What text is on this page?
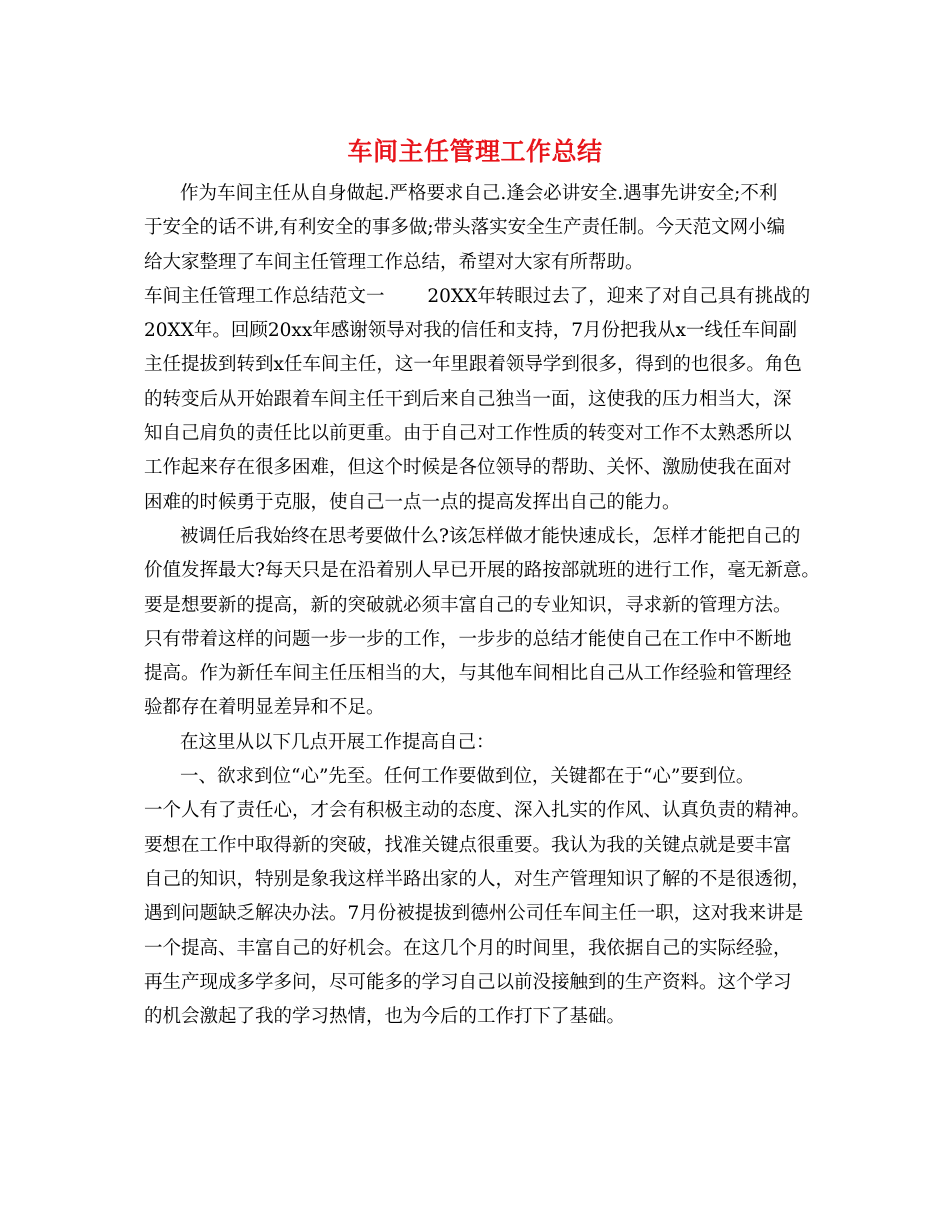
车间主任管理工作总结
作为车间主任从自身做起.严格要求自己.逢会必讲安全.遇事先讲安全;不利
于安全的话不讲,有利安全的事多做;带头落实安全生产责任制。今天范文网小编
给大家整理了车间主任管理工作总结，希望对大家有所帮助。
车间主任管理工作总结范文一　　 20XX年转眼过去了，迎来了对自己具有挑战的
20XX年。回顾20xx年感谢领导对我的信任和支持，7月份把我从x一线任车间副
主任提拔到转到x任车间主任，这一年里跟着领导学到很多，得到的也很多。角色
的转变后从开始跟着车间主任干到后来自己独当一面，这使我的压力相当大，深
知自己肩负的责任比以前更重。由于自己对工作性质的转变对工作不太熟悉所以
工作起来存在很多困难，但这个时候是各位领导的帮助、关怀、激励使我在面对
困难的时候勇于克服，使自己一点一点的提高发挥出自己的能力。
被调任后我始终在思考要做什么?该怎样做才能快速成长，怎样才能把自己的
价值发挥最大?每天只是在沿着别人早已开展的路按部就班的进行工作，毫无新意。
要是想要新的提高，新的突破就必须丰富自己的专业知识，寻求新的管理方法。
只有带着这样的问题一步一步的工作，一步步的总结才能使自己在工作中不断地
提高。作为新任车间主任压相当的大，与其他车间相比自己从工作经验和管理经
验都存在着明显差异和不足。
在这里从以下几点开展工作提高自己：
一、欲求到位“心”先至。任何工作要做到位，关键都在于“心”要到位。
一个人有了责任心，才会有积极主动的态度、深入扎实的作风、认真负责的精神。
要想在工作中取得新的突破，找准关键点很重要。我认为我的关键点就是要丰富
自己的知识，特别是象我这样半路出家的人，对生产管理知识了解的不是很透彻，
遇到问题缺乏解决办法。7月份被提拔到德州公司任车间主任一职，这对我来讲是
一个提高、丰富自己的好机会。在这几个月的时间里，我依据自己的实际经验，
再生产现成多学多问，尽可能多的学习自己以前没接触到的生产资料。这个学习
的机会激起了我的学习热情，也为今后的工作打下了基础。
